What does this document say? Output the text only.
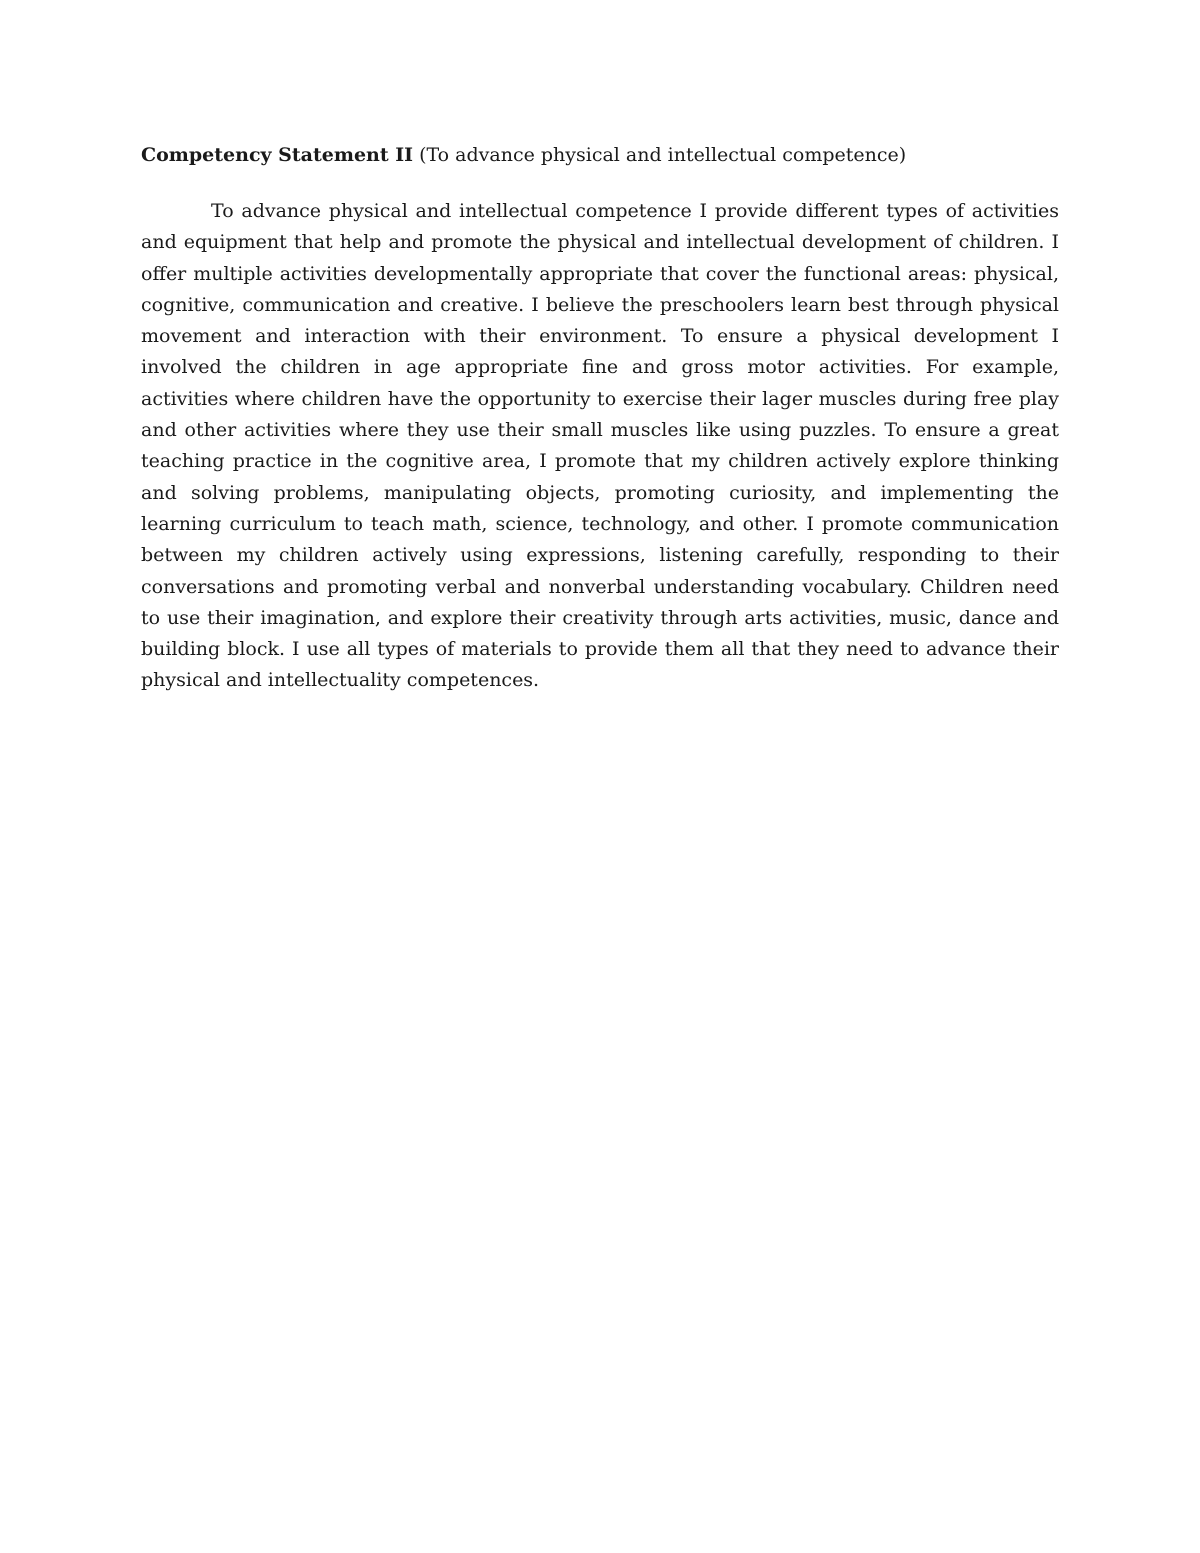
Competency Statement II (To advance physical and intellectual competence)

To advance physical and intellectual competence I provide different types of activities and equipment that help and promote the physical and intellectual development of children. I offer multiple activities developmentally appropriate that cover the functional areas: physical, cognitive, communication and creative. I believe the preschoolers learn best through physical movement and interaction with their environment. To ensure a physical development I involved the children in age appropriate fine and gross motor activities. For example, activities where children have the opportunity to exercise their lager muscles during free play and other activities where they use their small muscles like using puzzles. To ensure a great teaching practice in the cognitive area, I promote that my children actively explore thinking and solving problems, manipulating objects, promoting curiosity, and implementing the learning curriculum to teach math, science, technology, and other. I promote communication between my children actively using expressions, listening carefully, responding to their conversations and promoting verbal and nonverbal understanding vocabulary. Children need to use their imagination, and explore their creativity through arts activities, music, dance and building block. I use all types of materials to provide them all that they need to advance their physical and intellectuality competences.
